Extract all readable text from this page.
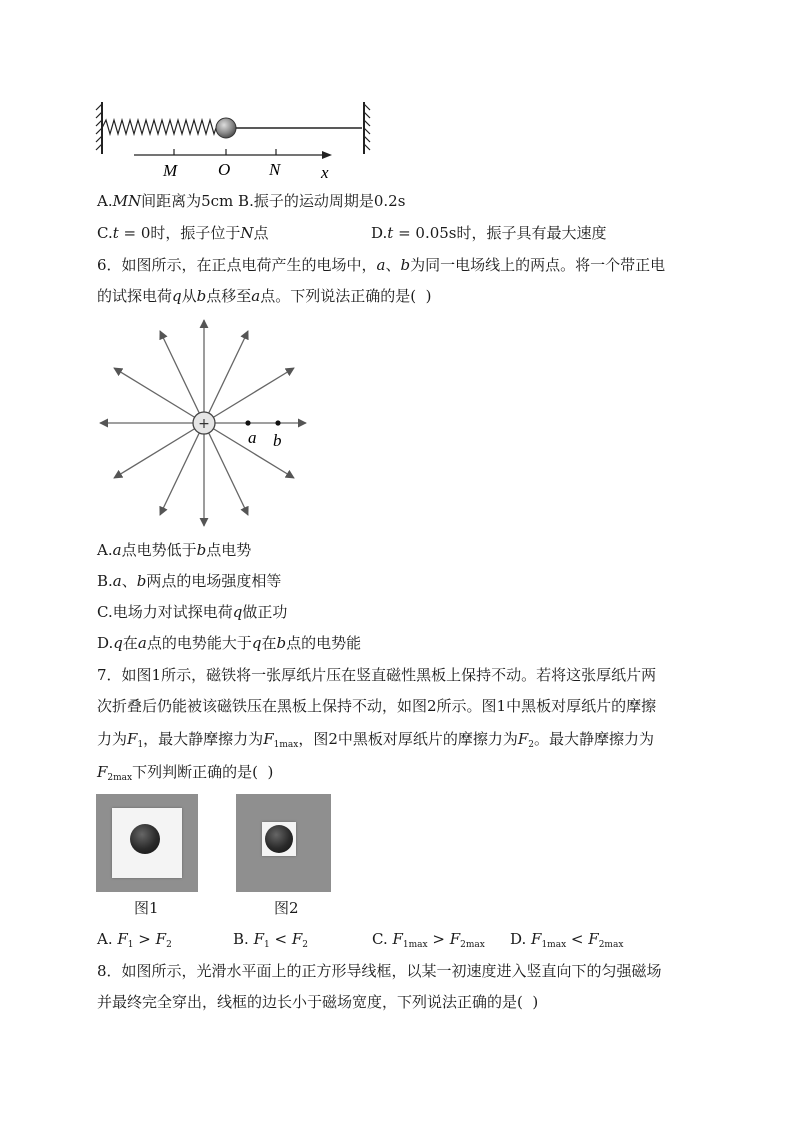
M O N x
A.MN间距离为5cm B.振子的运动周期是0.2s
C.t = 0时，振子位于N点	D.t = 0.05s时，振子具有最大速度
6．如图所示，在正点电荷产生的电场中，a、b为同一电场线上的两点。将一个带正电
的试探电荷q从b点移至a点。下列说法正确的是(  )
+
a b
A.a点电势低于b点电势
B.a、b两点的电场强度相等
C.电场力对试探电荷q做正功
D.q在a点的电势能大于q在b点的电势能
7．如图1所示，磁铁将一张厚纸片压在竖直磁性黑板上保持不动。若将这张厚纸片两
次折叠后仍能被该磁铁压在黑板上保持不动，如图2所示。图1中黑板对厚纸片的摩擦
力为$F_1$，最大静摩擦力为$F_{1max}$，图2中黑板对厚纸片的摩擦力为$F_2$。最大静摩擦力为
$F_{2max}$下列判断正确的是(  )
图1	图2
A. $F_1 > F_2$	B. $F_1 < F_2$	C. $F_{1max} > F_{2max}$ D. $F_{1max} < F_{2max}$
8．如图所示，光滑水平面上的正方形导线框，以某一初速度进入竖直向下的匀强磁场
并最终完全穿出，线框的边长小于磁场宽度，下列说法正确的是(  )
